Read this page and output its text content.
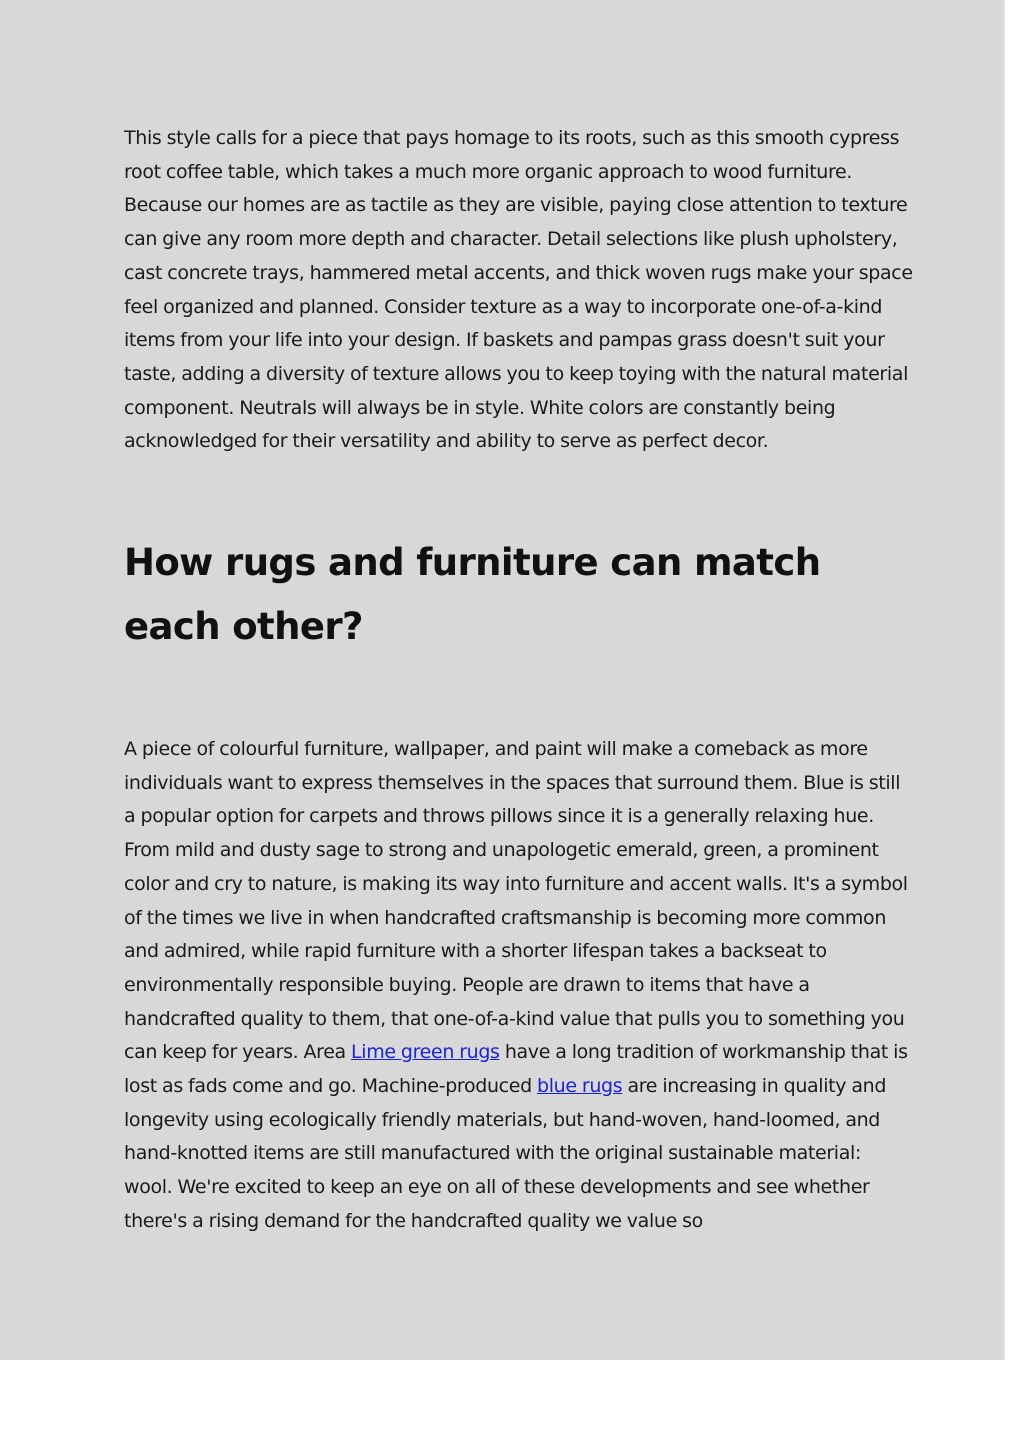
This style calls for a piece that pays homage to its roots, such as this smooth cypress root coffee table, which takes a much more organic approach to wood furniture. Because our homes are as tactile as they are visible, paying close attention to texture can give any room more depth and character. Detail selections like plush upholstery, cast concrete trays, hammered metal accents, and thick woven rugs make your space feel organized and planned. Consider texture as a way to incorporate one-of-a-kind items from your life into your design. If baskets and pampas grass doesn't suit your taste, adding a diversity of texture allows you to keep toying with the natural material component. Neutrals will always be in style. White colors are constantly being acknowledged for their versatility and ability to serve as perfect decor.

How rugs and furniture can match each other?

A piece of colourful furniture, wallpaper, and paint will make a comeback as more individuals want to express themselves in the spaces that surround them. Blue is still a popular option for carpets and throws pillows since it is a generally relaxing hue. From mild and dusty sage to strong and unapologetic emerald, green, a prominent color and cry to nature, is making its way into furniture and accent walls. It's a symbol of the times we live in when handcrafted craftsmanship is becoming more common and admired, while rapid furniture with a shorter lifespan takes a backseat to environmentally responsible buying. People are drawn to items that have a handcrafted quality to them, that one-of-a-kind value that pulls you to something you can keep for years. Area Lime green rugs have a long tradition of workmanship that is lost as fads come and go. Machine-produced blue rugs are increasing in quality and longevity using ecologically friendly materials, but hand-woven, hand-loomed, and hand-knotted items are still manufactured with the original sustainable material: wool. We're excited to keep an eye on all of these developments and see whether there's a rising demand for the handcrafted quality we value so
